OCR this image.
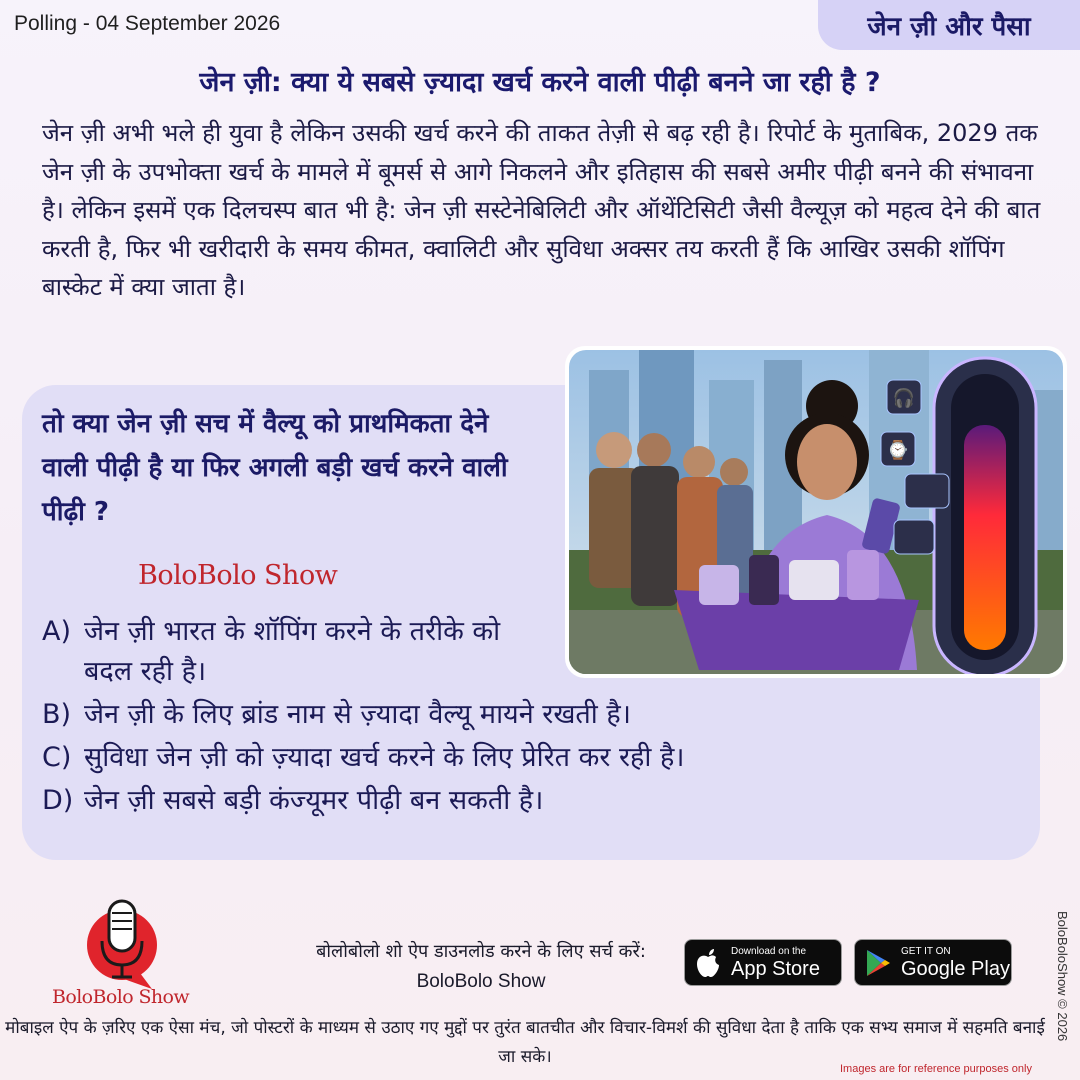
Polling - 04 September 2026	जेन ज़ी और पैसा
जेन ज़ी: क्या ये सबसे ज़्यादा खर्च करने वाली पीढ़ी बनने जा रही है ?
जेन ज़ी अभी भले ही युवा है लेकिन उसकी खर्च करने की ताकत तेज़ी से बढ़ रही है। रिपोर्ट के मुताबिक, 2029 तक जेन ज़ी के उपभोक्ता खर्च के मामले में बूमर्स से आगे निकलने और इतिहास की सबसे अमीर पीढ़ी बनने की संभावना है। लेकिन इसमें एक दिलचस्प बात भी है: जेन ज़ी सस्टेनेबिलिटी और ऑथेंटिसिटी जैसी वैल्यूज़ को महत्व देने की बात करती है, फिर भी खरीदारी के समय कीमत, क्वालिटी और सुविधा अक्सर तय करती हैं कि आखिर उसकी शॉपिंग बास्केट में क्या जाता है।
तो क्या जेन ज़ी सच में वैल्यू को प्राथमिकता देने वाली पीढ़ी है या फिर अगली बड़ी खर्च करने वाली पीढ़ी ?
BoloBolo Show
A) जेन ज़ी भारत के शॉपिंग करने के तरीके को बदल रही है।
B) जेन ज़ी के लिए ब्रांड नाम से ज़्यादा वैल्यू मायने रखती है।
C) सुविधा जेन ज़ी को ज़्यादा खर्च करने के लिए प्रेरित कर रही है।
D) जेन ज़ी सबसे बड़ी कंज्यूमर पीढ़ी बन सकती है।
🎧
⌚
BoloBolo Show
बोलोबोलो शो ऐप डाउनलोड करने के लिए सर्च करें:
BoloBolo Show
Download on the
App Store
GET IT ON
Google Play
मोबाइल ऐप के ज़रिए एक ऐसा मंच, जो पोस्टरों के माध्यम से उठाए गए मुद्दों पर तुरंत बातचीत और विचार-विमर्श की सुविधा देता है ताकि एक सभ्य समाज में सहमति बनाई जा सके।
Images are for reference purposes only
BoloBoloShow © 2026
